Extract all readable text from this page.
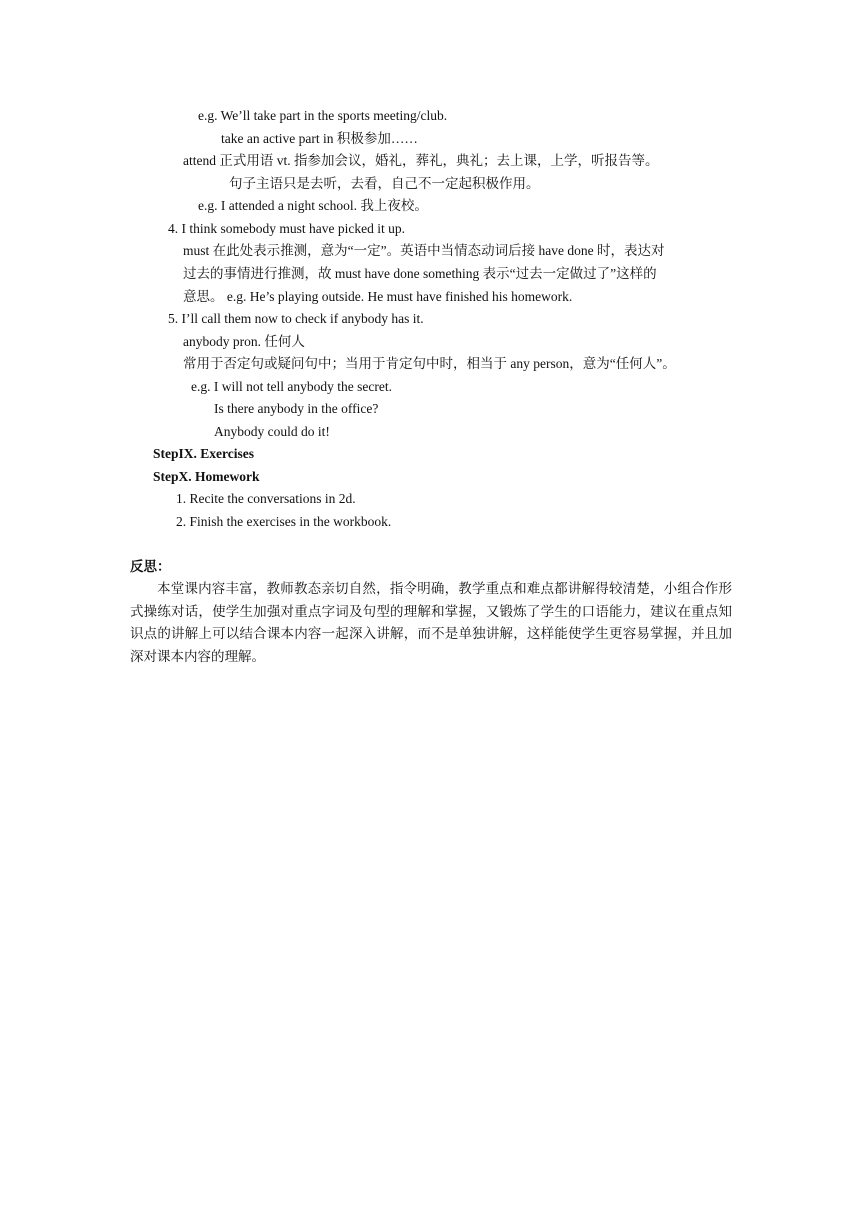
e.g. We’ll take part in the sports meeting/club.
take an active part in 积极参加……
attend 正式用语 vt. 指参加会议，婚礼，葬礼，典礼；去上课，上学，听报告等。
句子主语只是去听，去看，自己不一定起积极作用。
e.g. I attended a night school. 我上夜校。
4. I think somebody must have picked it up.
must 在此处表示推测，意为“一定”。英语中当情态动词后接 have done 时，表达对
过去的事情进行推测，故 must have done something 表示“过去一定做过了”这样的
意思。 e.g. He’s playing outside. He must have finished his homework.
5. I’ll call them now to check if anybody has it.
anybody pron. 任何人
常用于否定句或疑问句中；当用于肯定句中时，相当于 any person，意为“任何人”。
e.g. I will not tell anybody the secret.
Is there anybody in the office?
Anybody could do it!
StepIX. Exercises
StepX. Homework
1. Recite the conversations in 2d.
2. Finish the exercises in the workbook.
反思：
本堂课内容丰富，教师教态亲切自然，指令明确，教学重点和难点都讲解得较清楚，小组合作形式操练对话，使学生加强对重点字词及句型的理解和掌握，又锻炼了学生的口语能力，建议在重点知识点的讲解上可以结合课本内容一起深入讲解，而不是单独讲解，这样能使学生更容易掌握，并且加深对课本内容的理解。
